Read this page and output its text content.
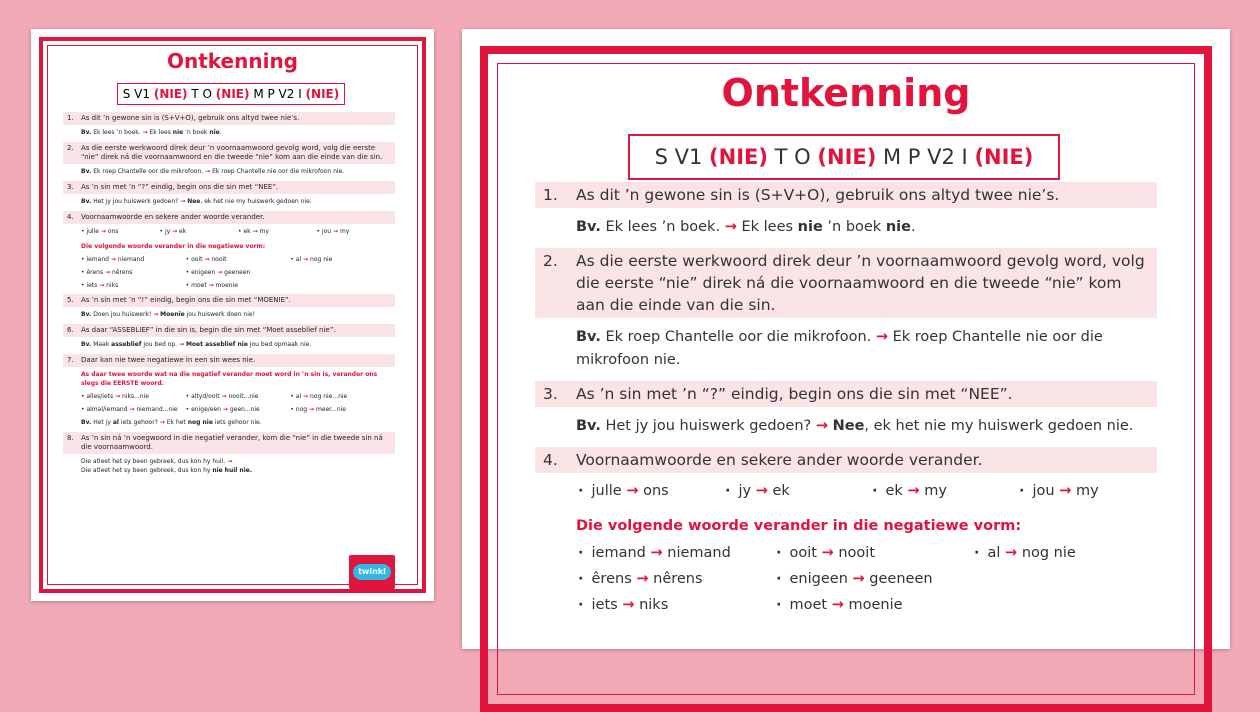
Ontkenning
S V1 (NIE) T O (NIE) M P V2 I (NIE)
1.	As dit ’n gewone sin is (S+V+O), gebruik ons altyd twee nie’s.
Bv. Ek lees ’n boek. → Ek lees nie ’n boek nie.
2.	As die eerste werkwoord direk deur ’n voornaamwoord gevolg word, volg die eerste “nie” direk ná die voornaamwoord en die tweede “nie” kom aan die einde van die sin.
Bv. Ek roep Chantelle oor die mikrofoon. → Ek roep Chantelle nie oor die mikrofoon nie.
3.	As ’n sin met ’n “?” eindig, begin ons die sin met “NEE”.
Bv. Het jy jou huiswerk gedoen? → Nee, ek het nie my huiswerk gedoen nie.
4.	Voornaamwoorde en sekere ander woorde verander.
• julle → ons	• jy → ek	• ek → my	• jou → my
Die volgende woorde verander in die negatiewe vorm:
• iemand → niemand	• ooit → nooit	• al → nog nie
• êrens → nêrens	• enigeen → geeneen
• iets → niks	• moet → moenie
5.	As ’n sin met ’n “!” eindig, begin ons die sin met “MOENIE”.
Bv. Doen jou huiswerk! → Moenie jou huiswerk doen nie!
6.	As daar “ASSEBLIEF” in die sin is, begin die sin met “Moet asseblief nie”.
Bv. Maak asseblief jou bed op. → Moet asseblief nie jou bed opmaak nie.
7.	Daar kan nie twee negatiewe in een sin wees nie.
As daar twee woorde wat na die negatief verander moet word in ’n sin is, verander ons slegs die EERSTE woord.
• alles/iets → niks...nie	• altyd/ooit → nooit...nie	• al → nog nie...nie
• almal/iemand → niemand...nie	• enige/een → geen...nie	• nog → meer...nie
Bv. Het jy al iets gehoor? → Ek het nog nie iets gehoor nie.
8.	As ’n sin ná ’n voegwoord in die negatief verander, kom die “nie” in die tweede sin ná die voornaamwoord.
Die atleet het sy been gebreek, dus kon hy huil. →
Die atleet het sy been gebreek, dus kon hy nie huil nie.
twinkl
Ontkenning
S V1 (NIE) T O (NIE) M P V2 I (NIE)
1.	As dit ’n gewone sin is (S+V+O), gebruik ons altyd twee nie’s.
Bv. Ek lees ’n boek. → Ek lees nie ’n boek nie.
2.	As die eerste werkwoord direk deur ’n voornaamwoord gevolg word, volg die eerste “nie” direk ná die voornaamwoord en die tweede “nie” kom aan die einde van die sin.
Bv. Ek roep Chantelle oor die mikrofoon. → Ek roep Chantelle nie oor die mikrofoon nie.
3.	As ’n sin met ’n “?” eindig, begin ons die sin met “NEE”.
Bv. Het jy jou huiswerk gedoen? → Nee, ek het nie my huiswerk gedoen nie.
4.	Voornaamwoorde en sekere ander woorde verander.
· julle → ons	· jy → ek	· ek → my	· jou → my
Die volgende woorde verander in die negatiewe vorm:
· iemand → niemand	· ooit → nooit	· al → nog nie
· êrens → nêrens	· enigeen → geeneen
· iets → niks	· moet → moenie
